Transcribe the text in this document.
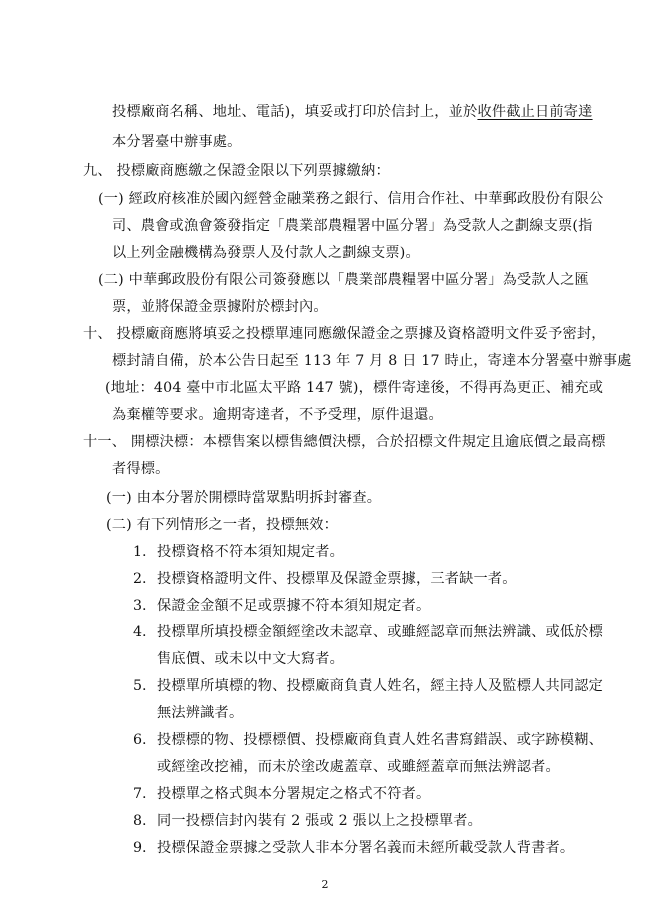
投標廠商名稱、地址、電話)，填妥或打印於信封上，並於收件截止日前寄達
本分署臺中辦事處。
九、 投標廠商應繳之保證金限以下列票據繳納：
(一) 經政府核准於國內經營金融業務之銀行、信用合作社、中華郵政股份有限公
司、農會或漁會簽發指定「農業部農糧署中區分署」為受款人之劃線支票(指
以上列金融機構為發票人及付款人之劃線支票)。
(二) 中華郵政股份有限公司簽發應以「農業部農糧署中區分署」為受款人之匯
票，並將保證金票據附於標封內。
十、 投標廠商應將填妥之投標單連同應繳保證金之票據及資格證明文件妥予密封，
標封請自備，於本公告日起至 113 年 7 月 8 日 17 時止，寄達本分署臺中辦事處
(地址：404 臺中市北區太平路 147 號)，標件寄達後，不得再為更正、補充或
為棄權等要求。逾期寄達者，不予受理，原件退還。
十一、 開標決標：本標售案以標售總價決標，合於招標文件規定且逾底價之最高標
者得標。
(一) 由本分署於開標時當眾點明拆封審查。
(二) 有下列情形之一者，投標無效：
1. 投標資格不符本須知規定者。
2. 投標資格證明文件、投標單及保證金票據，三者缺一者。
3. 保證金金額不足或票據不符本須知規定者。
4. 投標單所填投標金額經塗改未認章、或雖經認章而無法辨識、或低於標
售底價、或未以中文大寫者。
5. 投標單所填標的物、投標廠商負責人姓名，經主持人及監標人共同認定
無法辨識者。
6. 投標標的物、投標標價、投標廠商負責人姓名書寫錯誤、或字跡模糊、
或經塗改挖補，而未於塗改處蓋章、或雖經蓋章而無法辨認者。
7. 投標單之格式與本分署規定之格式不符者。
8. 同一投標信封內裝有 2 張或 2 張以上之投標單者。
9. 投標保證金票據之受款人非本分署名義而未經所載受款人背書者。
2
